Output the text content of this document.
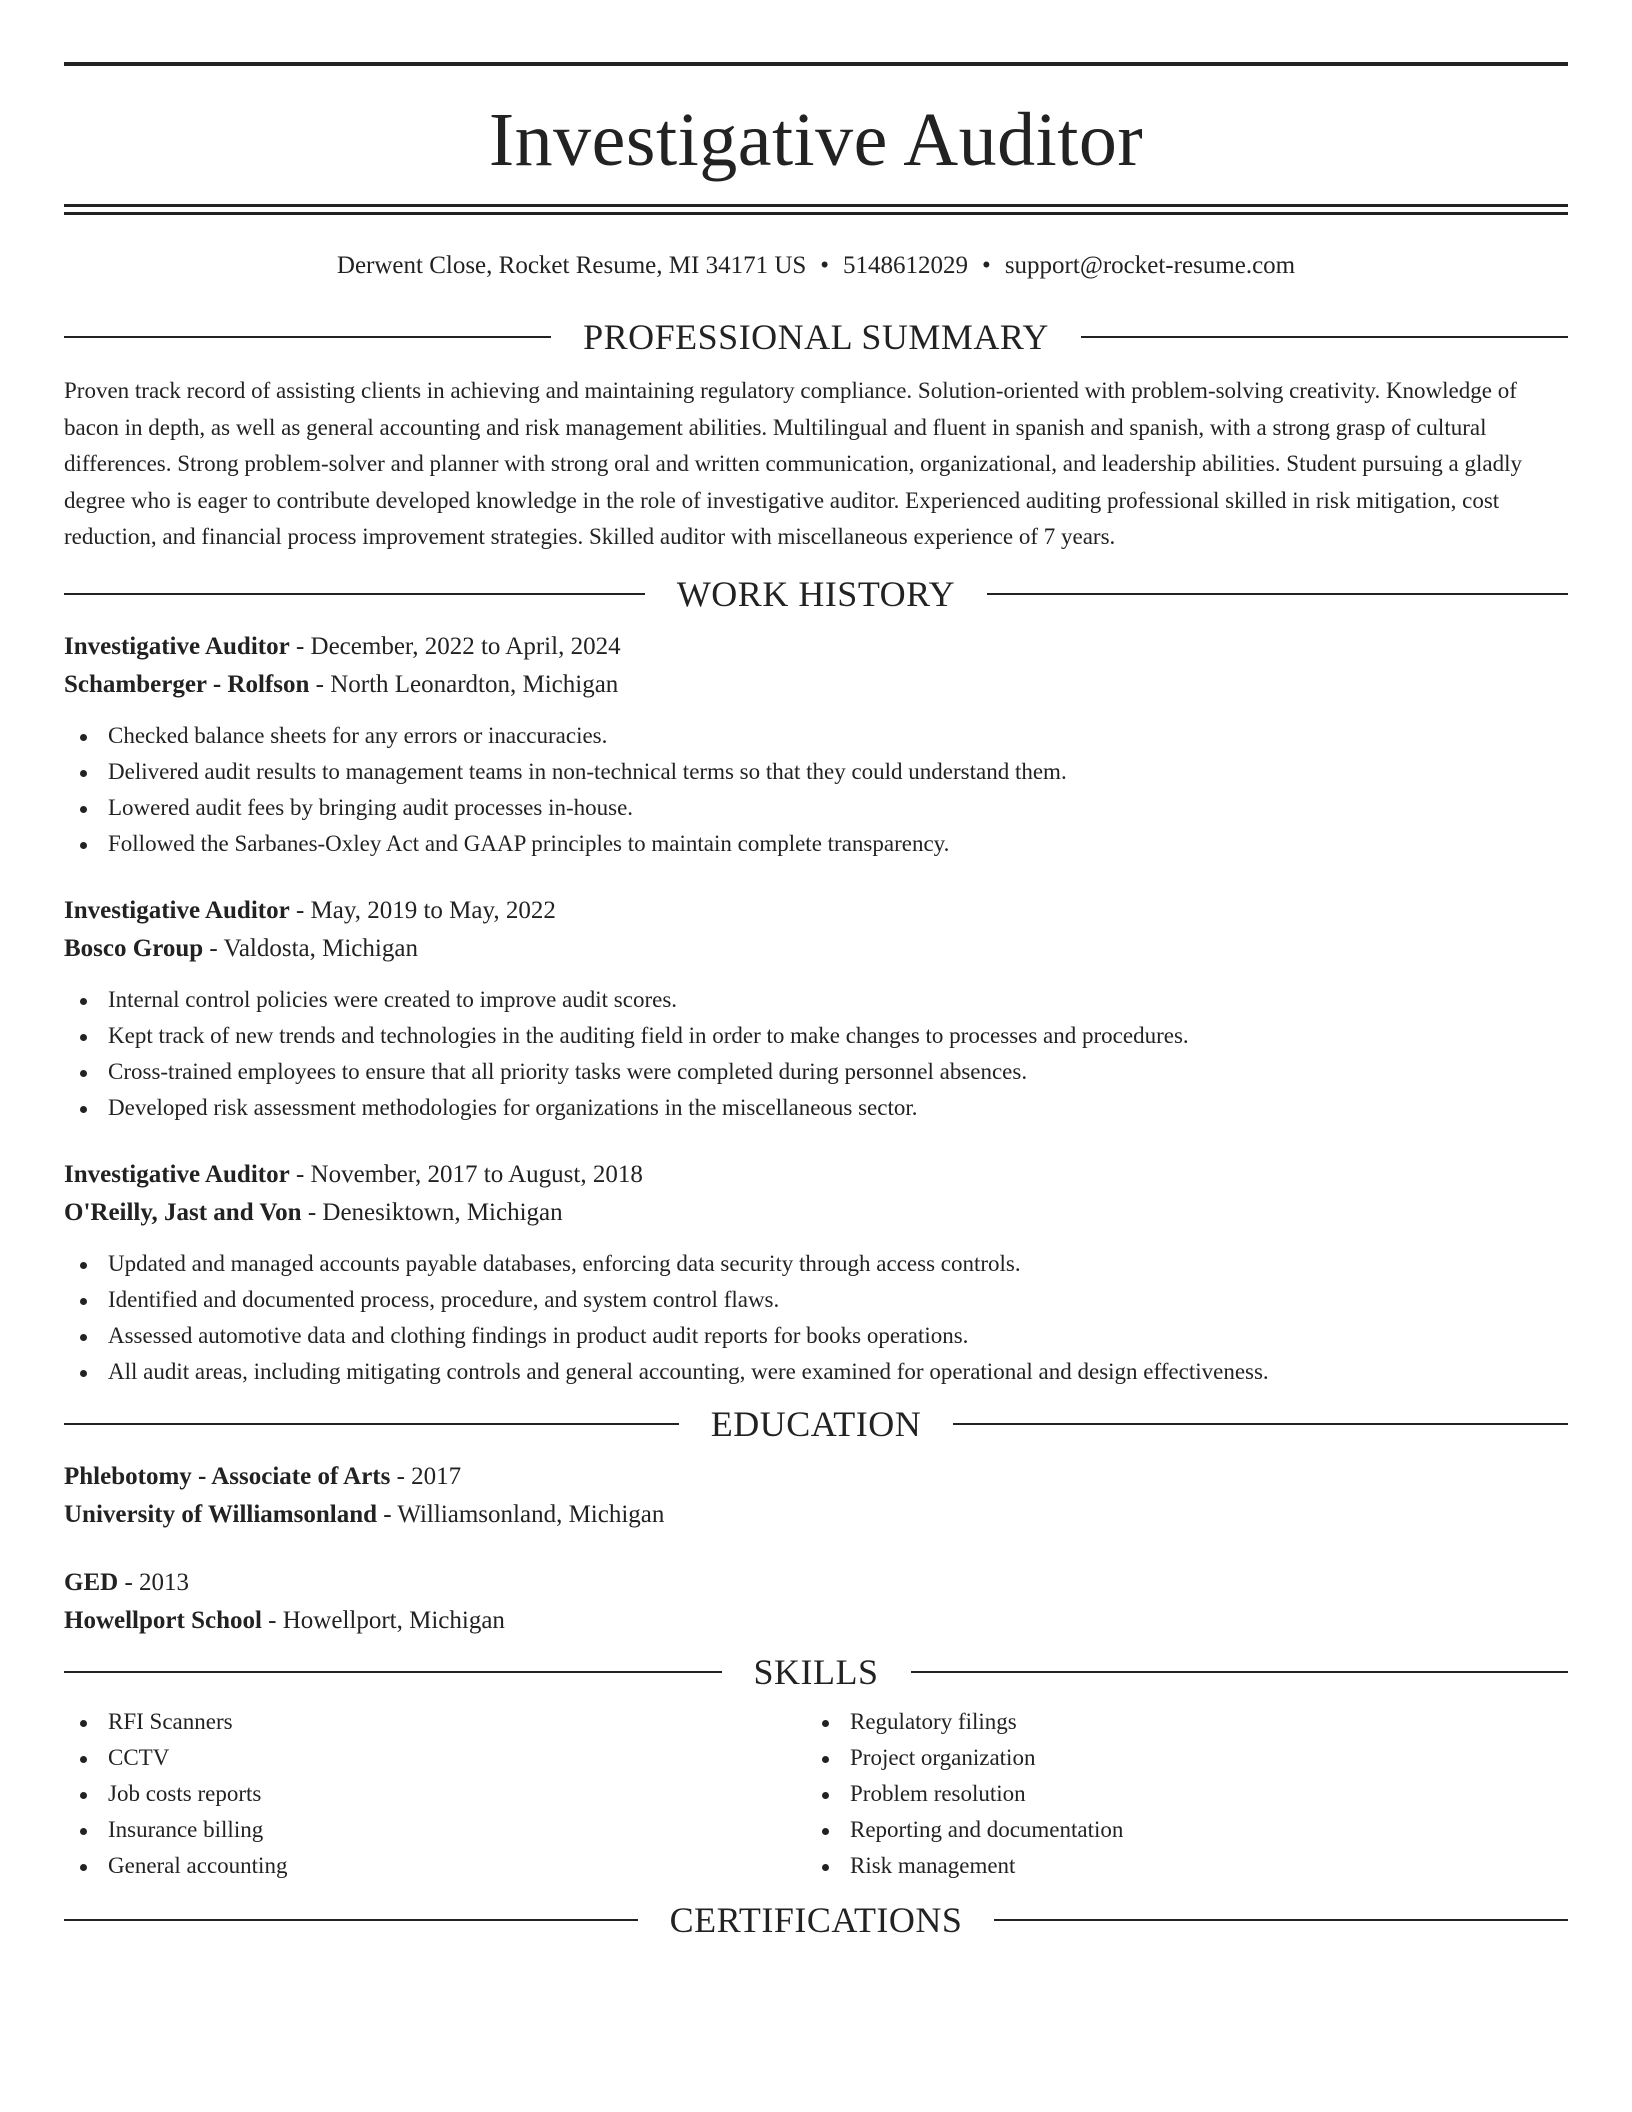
Investigative Auditor
Derwent Close, Rocket Resume, MI 34171 US • 5148612029 • support@rocket-resume.com
PROFESSIONAL SUMMARY

Proven track record of assisting clients in achieving and maintaining regulatory compliance. Solution-oriented with problem-solving creativity. Knowledge of bacon in depth, as well as general accounting and risk management abilities. Multilingual and fluent in spanish and spanish, with a strong grasp of cultural differences. Strong problem-solver and planner with strong oral and written communication, organizational, and leadership abilities. Student pursuing a gladly degree who is eager to contribute developed knowledge in the role of investigative auditor. Experienced auditing professional skilled in risk mitigation, cost reduction, and financial process improvement strategies. Skilled auditor with miscellaneous experience of 7 years.

WORK HISTORY

Investigative Auditor - December, 2022 to April, 2024

Schamberger - Rolfson - North Leonardton, Michigan

Checked balance sheets for any errors or inaccuracies.
Delivered audit results to management teams in non-technical terms so that they could understand them.
Lowered audit fees by bringing audit processes in-house.
Followed the Sarbanes-Oxley Act and GAAP principles to maintain complete transparency.

Investigative Auditor - May, 2019 to May, 2022

Bosco Group - Valdosta, Michigan

Internal control policies were created to improve audit scores.
Kept track of new trends and technologies in the auditing field in order to make changes to processes and procedures.
Cross-trained employees to ensure that all priority tasks were completed during personnel absences.
Developed risk assessment methodologies for organizations in the miscellaneous sector.

Investigative Auditor - November, 2017 to August, 2018

O'Reilly, Jast and Von - Denesiktown, Michigan

Updated and managed accounts payable databases, enforcing data security through access controls.
Identified and documented process, procedure, and system control flaws.
Assessed automotive data and clothing findings in product audit reports for books operations.
All audit areas, including mitigating controls and general accounting, were examined for operational and design effectiveness.
EDUCATION

Phlebotomy - Associate of Arts - 2017

University of Williamsonland - Williamsonland, Michigan

GED - 2013

Howellport School - Howellport, Michigan

SKILLS
RFI Scanners
CCTV
Job costs reports
Insurance billing
General accounting
Regulatory filings
Project organization
Problem resolution
Reporting and documentation
Risk management
CERTIFICATIONS
